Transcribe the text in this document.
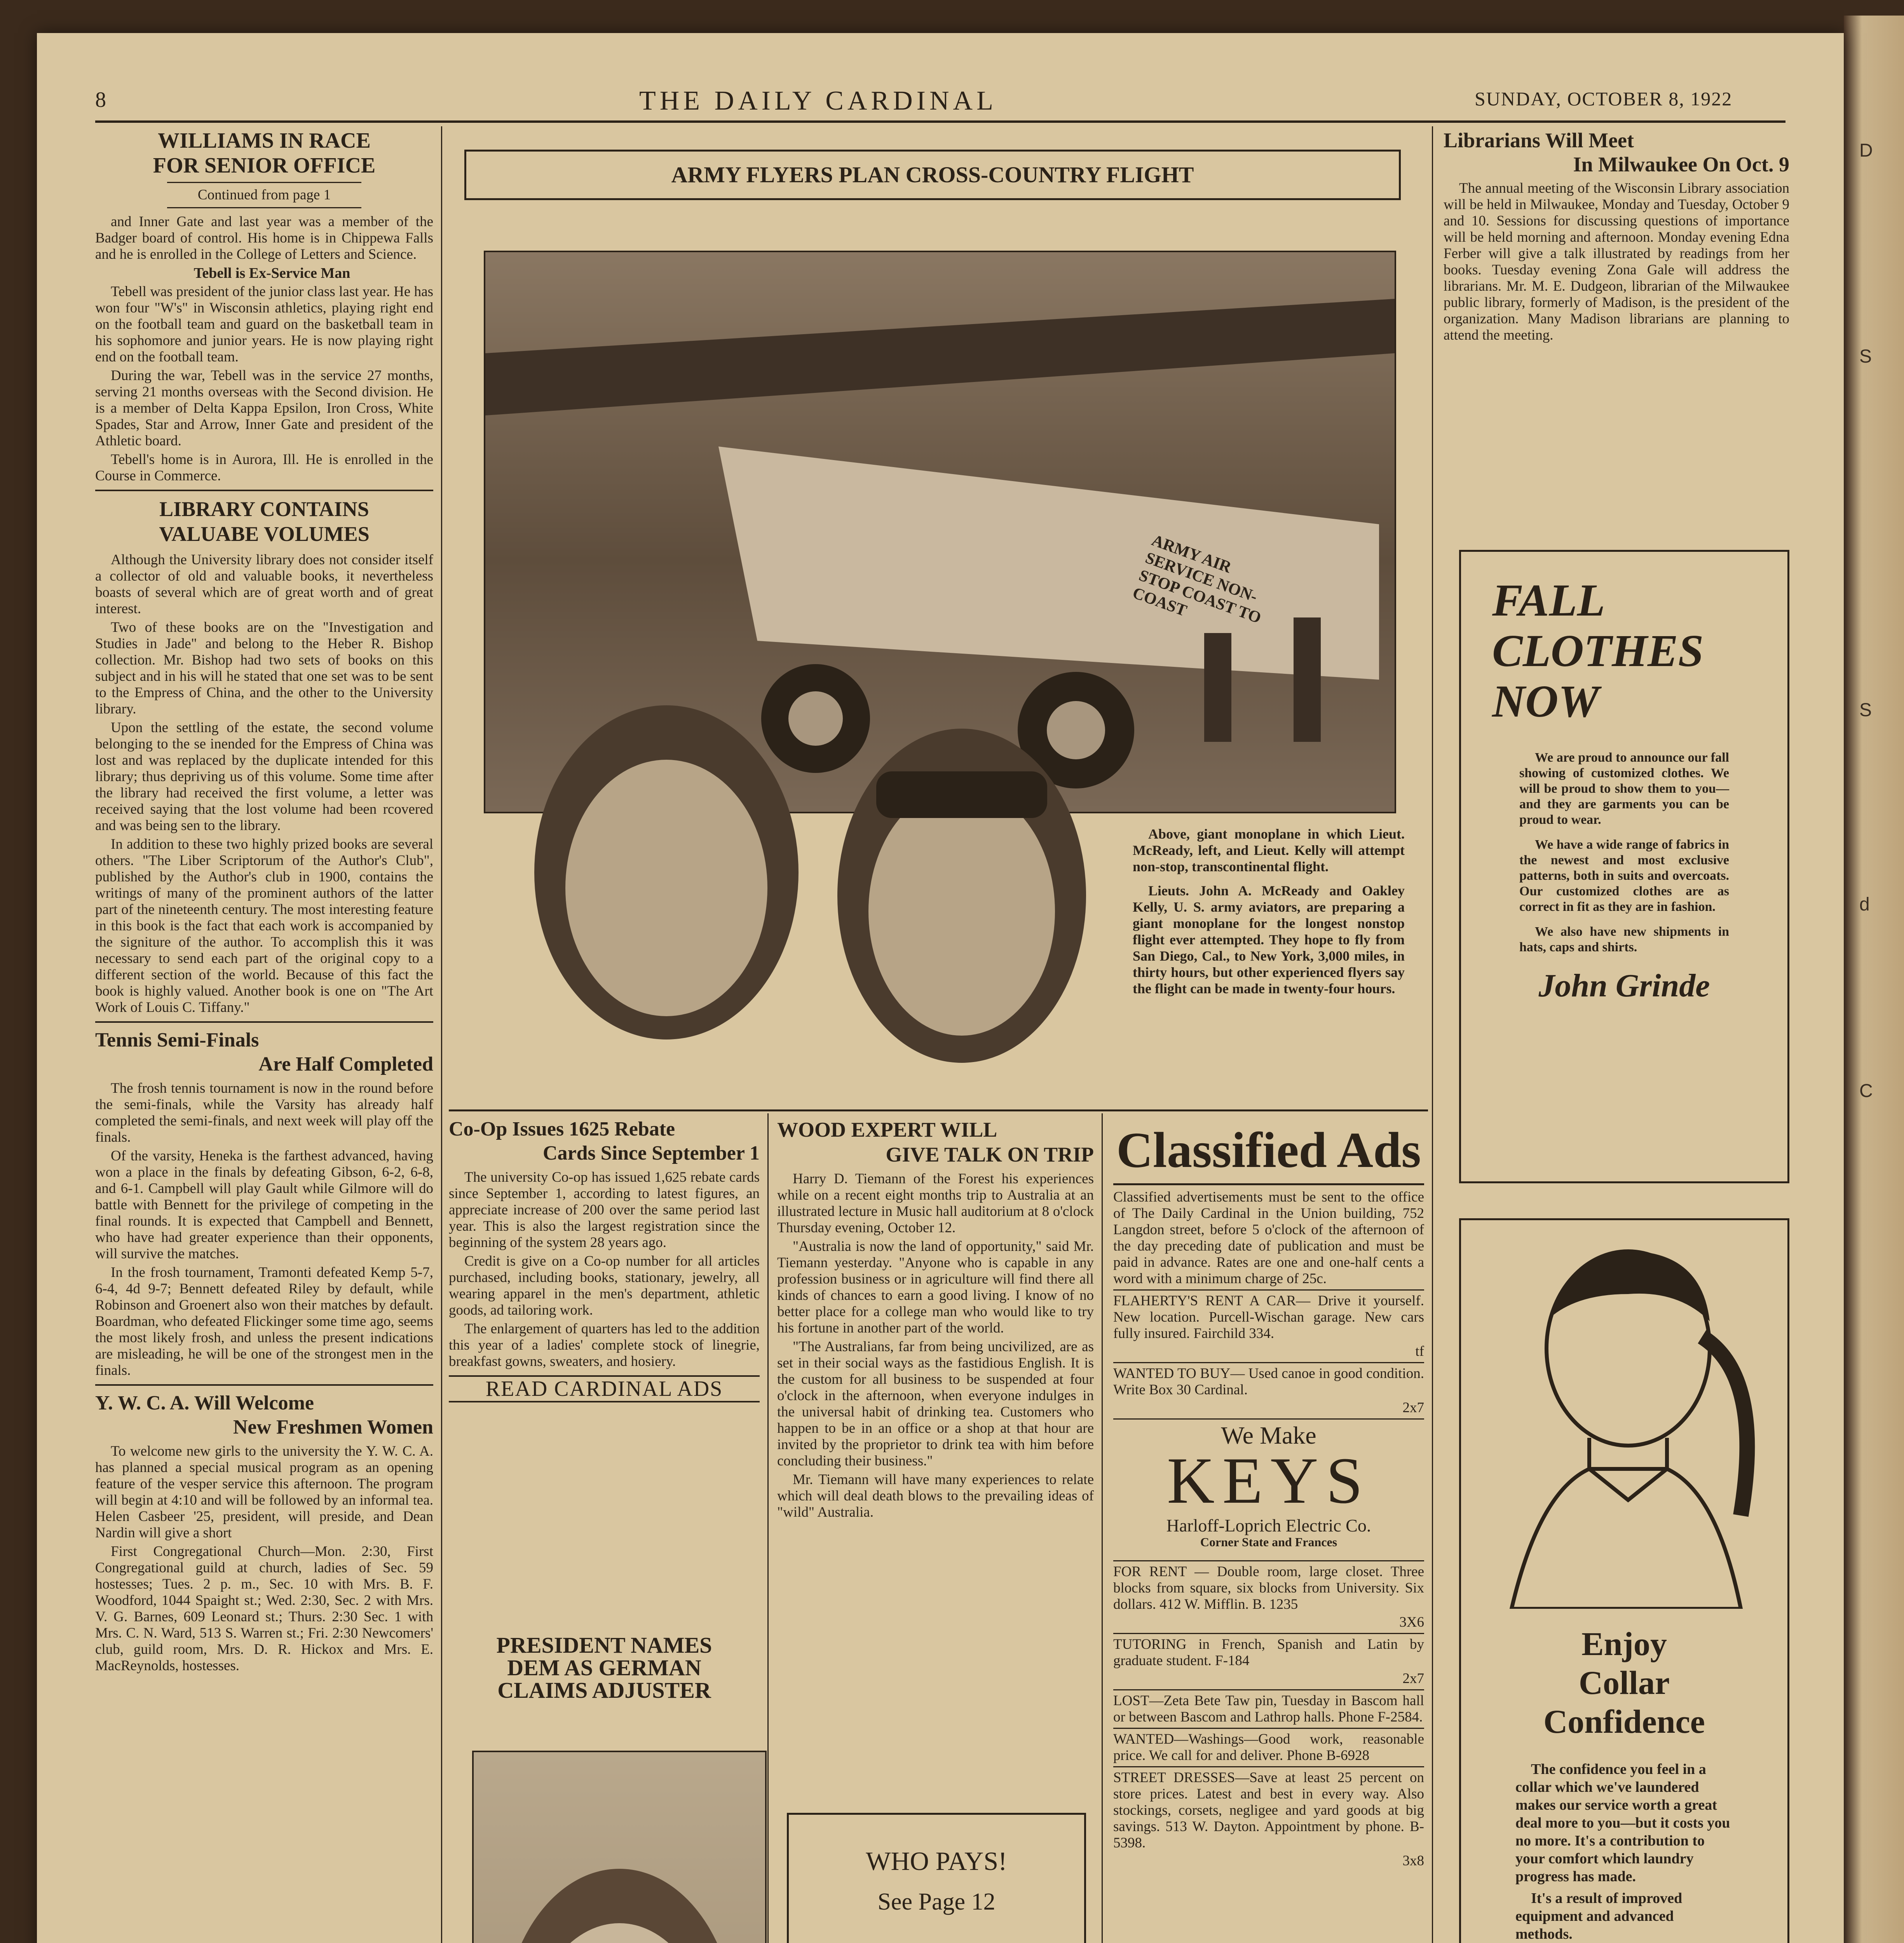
D
S
S
d
C
8	THE DAILY CARDINAL	SUNDAY, OCTOBER 8, 1922
WILLIAMS IN RACE
FOR SENIOR OFFICE

Continued from page 1

and Inner Gate and last year was a member of the Badger board of control. His home is in Chippewa Falls and he is enrolled in the College of Letters and Science.

Tebell is Ex-Service Man

Tebell was president of the junior class last year. He has won four "W's" in Wisconsin athletics, playing right end on the football team and guard on the basketball team in his sophomore and junior years. He is now playing right end on the football team.

During the war, Tebell was in the service 27 months, serving 21 months overseas with the Second division. He is a member of Delta Kappa Epsilon, Iron Cross, White Spades, Star and Arrow, Inner Gate and president of the Athletic board.

Tebell's home is in Aurora, Ill. He is enrolled in the Course in Commerce.

LIBRARY CONTAINS
VALUABE VOLUMES

Although the University library does not consider itself a collector of old and valuable books, it nevertheless boasts of several which are of great worth and of great interest.

Two of these books are on the "Investigation and Studies in Jade" and belong to the Heber R. Bishop collection. Mr. Bishop had two sets of books on this subject and in his will he stated that one set was to be sent to the Empress of China, and the other to the University library.

Upon the settling of the estate, the second volume belonging to the se inended for the Empress of China was lost and was replaced by the duplicate intended for this library; thus depriving us of this volume. Some time after the library had received the first volume, a letter was received saying that the lost volume had been rcovered and was being sen to the library.

In addition to these two highly prized books are several others. "The Liber Scriptorum of the Author's Club", published by the Author's club in 1900, contains the writings of many of the prominent authors of the latter part of the nineteenth century. The most interesting feature in this book is the fact that each work is accompanied by the signiture of the author. To accomplish this it was necessary to send each part of the original copy to a different section of the world. Because of this fact the book is highly valued. Another book is one on "The Art Work of Louis C. Tiffany."

Tennis Semi-Finals
Are Half Completed

The frosh tennis tournament is now in the round before the semi-finals, while the Varsity has already half completed the semi-finals, and next week will play off the finals.

Of the varsity, Heneka is the farthest advanced, having won a place in the finals by defeating Gibson, 6-2, 6-8, and 6-1. Campbell will play Gault while Gilmore will do battle with Bennett for the privilege of competing in the final rounds. It is expected that Campbell and Bennett, who have had greater experience than their opponents, will survive the matches.

In the frosh tournament, Tramonti defeated Kemp 5-7, 6-4, 4d 9-7; Bennett defeated Riley by default, while Robinson and Groenert also won their matches by default. Boardman, who defeated Flickinger some time ago, seems the most likely frosh, and unless the present indications are misleading, he will be one of the strongest men in the finals.

Y. W. C. A. Will Welcome
New Freshmen Women

To welcome new girls to the university the Y. W. C. A. has planned a special musical program as an opening feature of the vesper service this afternoon. The program will begin at 4:10 and will be followed by an informal tea. Helen Casbeer '25, president, will preside, and Dean Nardin will give a short

First Congregational Church—Mon. 2:30, First Congregational guild at church, ladies of Sec. 59 hostesses; Tues. 2 p. m., Sec. 10 with Mrs. B. F. Woodford, 1044 Spaight st.; Wed. 2:30, Sec. 2 with Mrs. V. G. Barnes, 609 Leonard st.; Thurs. 2:30 Sec. 1 with Mrs. C. N. Ward, 513 S. Warren st.; Fri. 2:30 Newcomers' club, guild room, Mrs. D. R. Hickox and Mrs. E. MacReynolds, hostesses.

ARMY FLYERS PLAN CROSS-COUNTRY FLIGHT
ARMY AIR SERVICE NON-STOP COAST TO COAST

Above, giant monoplane in which Lieut. McReady, left, and Lieut. Kelly will attempt non-stop, transcontinental flight.

Lieuts. John A. McReady and Oakley Kelly, U. S. army aviators, are preparing a giant monoplane for the longest nonstop flight ever attempted. They hope to fly from San Diego, Cal., to New York, 3,000 miles, in thirty hours, but other experienced flyers say the flight can be made in twenty-four hours.

Co-Op Issues 1625 Rebate
Cards Since September 1

The university Co-op has issued 1,625 rebate cards since September 1, according to latest figures, an appreciate increase of 200 over the same period last year. This is also the largest registration since the beginning of the system 28 years ago.

Credit is give on a Co-op number for all articles purchased, including books, stationary, jewelry, all wearing apparel in the men's department, athletic goods, ad tailoring work.

The enlargement of quarters has led to the addition this year of a ladies' complete stock of linegrie, breakfast gowns, sweaters, and hosiery.

READ CARDINAL ADS
PRESIDENT NAMES
DEM AS GERMAN
CLAIMS ADJUSTER

WOOD EXPERT WILL
GIVE TALK ON TRIP

Harry D. Tiemann of the Forest his experiences while on a recent eight months trip to Australia at an illustrated lecture in Music hall auditorium at 8 o'clock Thursday evening, October 12.

"Australia is now the land of opportunity," said Mr. Tiemann yesterday. "Anyone who is capable in any profession business or in agriculture will find there all kinds of chances to earn a good living. I know of no better place for a college man who would like to try his fortune in another part of the world.

"The Australians, far from being uncivilized, are as set in their social ways as the fastidious English. It is the custom for all business to be suspended at four o'clock in the afternoon, when everyone indulges in the universal habit of drinking tea. Customers who happen to be in an office or a shop at that hour are invited by the proprietor to drink tea with him before concluding their business."

Mr. Tiemann will have many experiences to relate which will deal death blows to the prevailing ideas of "wild" Australia.

WHO PAYS!
See Page 12
Classified Ads

Classified advertisements must be sent to the office of The Daily Cardinal in the Union building, 752 Langdon street, before 5 o'clock of the afternoon of the day preceding date of publication and must be paid in advance. Rates are one and one-half cents a word with a minimum charge of 25c.

FLAHERTY'S RENT A CAR— Drive it yourself. New location. Purcell-Wischan garage. New cars fully insured. Fairchild 334.

tf

WANTED TO BUY— Used canoe in good condition. Write Box 30 Cardinal.

2x7

We Make
KEYS
Harloff-Loprich Electric Co.
Corner State and Frances

FOR RENT — Double room, large closet. Three blocks from square, six blocks from University. Six dollars. 412 W. Mifflin. B. 1235

3X6

TUTORING in French, Spanish and Latin by graduate student. F-184

2x7

LOST—Zeta Bete Taw pin, Tuesday in Bascom hall or between Bascom and Lathrop halls. Phone F-2584.

WANTED—Washings—Good work, reasonable price. We call for and deliver. Phone B-6928

STREET DRESSES—Save at least 25 percent on store prices. Latest and best in every way. Also stockings, corsets, negligee and yard goods at big savings. 513 W. Dayton. Appointment by phone. B-5398.

3x8

Librarians Will Meet
In Milwaukee On Oct. 9

The annual meeting of the Wisconsin Library association will be held in Milwaukee, Monday and Tuesday, October 9 and 10. Sessions for discussing questions of importance will be held morning and afternoon. Monday evening Edna Ferber will give a talk illustrated by readings from her books. Tuesday evening Zona Gale will address the librarians. Mr. M. E. Dudgeon, librarian of the Milwaukee public library, formerly of Madison, is the president of the organization. Many Madison librarians are planning to attend the meeting.

FALL
CLOTHES
NOW

We are proud to announce our fall showing of customized clothes. We will be proud to show them to you—and they are garments you can be proud to wear.

We have a wide range of fabrics in the newest and most exclusive patterns, both in suits and overcoats. Our customized clothes are as correct in fit as they are in fashion.

We also have new shipments in hats, caps and shirts.

John Grinde
Enjoy
Collar
Confidence

The confidence you feel in a collar which we've laundered makes our service worth a great deal more to you—but it costs you no more. It's a contribution to your comfort which laundry progress has made.

It's a result of improved equipment and advanced methods.
